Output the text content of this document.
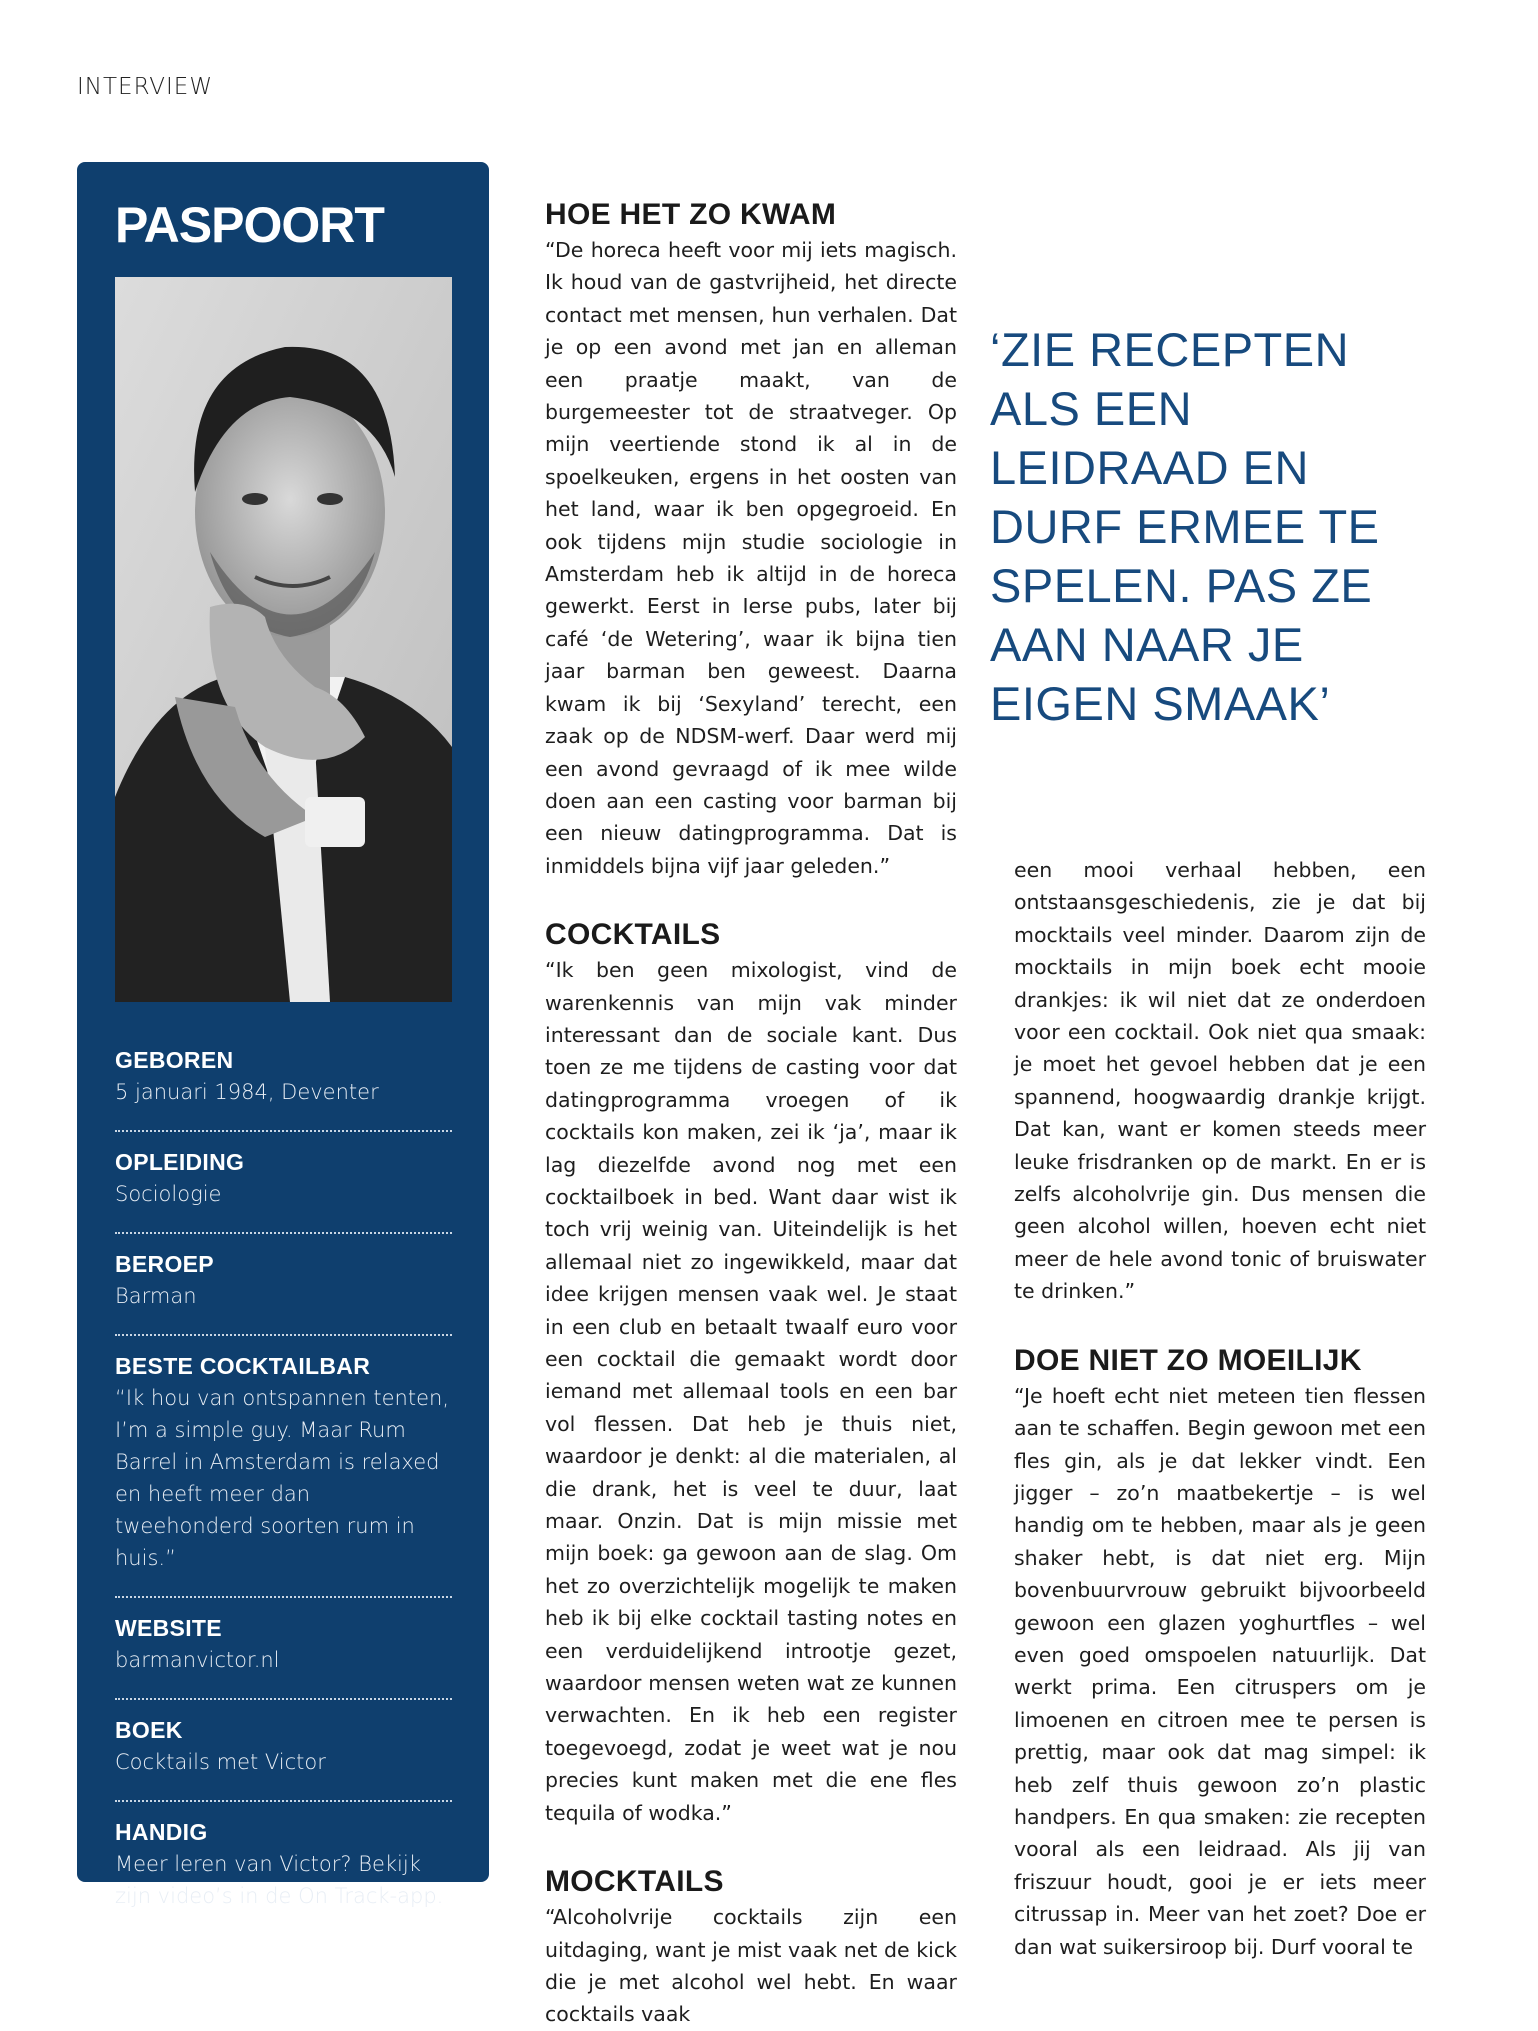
INTERVIEW
PASPOORT
GEBOREN
5 januari 1984, Deventer
OPLEIDING
Sociologie
BEROEP
Barman
BESTE COCKTAILBAR
“Ik hou van ontspannen tenten, I’m a simple guy. Maar Rum Barrel in Amsterdam is relaxed en heeft meer dan tweehonderd soorten rum in huis.”
WEBSITE
barmanvictor.nl
BOEK
Cocktails met Victor
HANDIG
Meer leren van Victor? Bekijk zijn video’s in de On Track-app.
HOE HET ZO KWAM

“De horeca heeft voor mij iets magisch. Ik houd van de gastvrijheid, het directe contact met mensen, hun verhalen. Dat je op een avond met jan en alleman een praatje maakt, van de burgemeester tot de straatveger. Op mijn veertiende stond ik al in de spoelkeuken, ergens in het oosten van het land, waar ik ben opgegroeid. En ook tijdens mijn studie sociologie in Amsterdam heb ik altijd in de horeca gewerkt. Eerst in Ierse pubs, later bij café ‘de Wetering’, waar ik bijna tien jaar barman ben geweest. Daarna kwam ik bij ‘Sexyland’ terecht, een zaak op de NDSM-werf. Daar werd mij een avond gevraagd of ik mee wilde doen aan een casting voor barman bij een nieuw datingprogramma. Dat is inmiddels bijna vijf jaar geleden.”

COCKTAILS

“Ik ben geen mixologist, vind de warenkennis van mijn vak minder interessant dan de sociale kant. Dus toen ze me tijdens de casting voor dat datingprogramma vroegen of ik cocktails kon maken, zei ik ‘ja’, maar ik lag diezelfde avond nog met een cocktailboek in bed. Want daar wist ik toch vrij weinig van. Uiteindelijk is het allemaal niet zo ingewikkeld, maar dat idee krijgen mensen vaak wel. Je staat in een club en betaalt twaalf euro voor een cocktail die gemaakt wordt door iemand met allemaal tools en een bar vol flessen. Dat heb je thuis niet, waardoor je denkt: al die materialen, al die drank, het is veel te duur, laat maar. Onzin. Dat is mijn missie met mijn boek: ga gewoon aan de slag. Om het zo overzichtelijk mogelijk te maken heb ik bij elke cocktail tasting notes en een verduidelijkend introotje gezet, waardoor mensen weten wat ze kunnen verwachten. En ik heb een register toegevoegd, zodat je weet wat je nou precies kunt maken met die ene fles tequila of wodka.”

MOCKTAILS

“Alcoholvrije cocktails zijn een uitdaging, want je mist vaak net de kick die je met alcohol wel hebt. En waar cocktails vaak

‘ZIE RECEPTEN ALS EEN LEIDRAAD EN DURF ERMEE TE SPELEN. PAS ZE AAN NAAR JE EIGEN SMAAK’

een mooi verhaal hebben, een ontstaansgeschiedenis, zie je dat bij mocktails veel minder. Daarom zijn de mocktails in mijn boek echt mooie drankjes: ik wil niet dat ze onderdoen voor een cocktail. Ook niet qua smaak: je moet het gevoel hebben dat je een spannend, hoogwaardig drankje krijgt. Dat kan, want er komen steeds meer leuke frisdranken op de markt. En er is zelfs alcoholvrije gin. Dus mensen die geen alcohol willen, hoeven echt niet meer de hele avond tonic of bruiswater te drinken.”

DOE NIET ZO MOEILIJK

“Je hoeft echt niet meteen tien flessen aan te schaffen. Begin gewoon met een fles gin, als je dat lekker vindt. Een jigger – zo’n maatbekertje – is wel handig om te hebben, maar als je geen shaker hebt, is dat niet erg. Mijn bovenbuurvrouw gebruikt bijvoorbeeld gewoon een glazen yoghurtfles – wel even goed omspoelen natuurlijk. Dat werkt prima. Een citruspers om je limoenen en citroen mee te persen is prettig, maar ook dat mag simpel: ik heb zelf thuis gewoon zo’n plastic handpers. En qua smaken: zie recepten vooral als een leidraad. Als jij van friszuur houdt, gooi je er iets meer citrussap in. Meer van het zoet? Doe er dan wat suikersiroop bij. Durf vooral te
